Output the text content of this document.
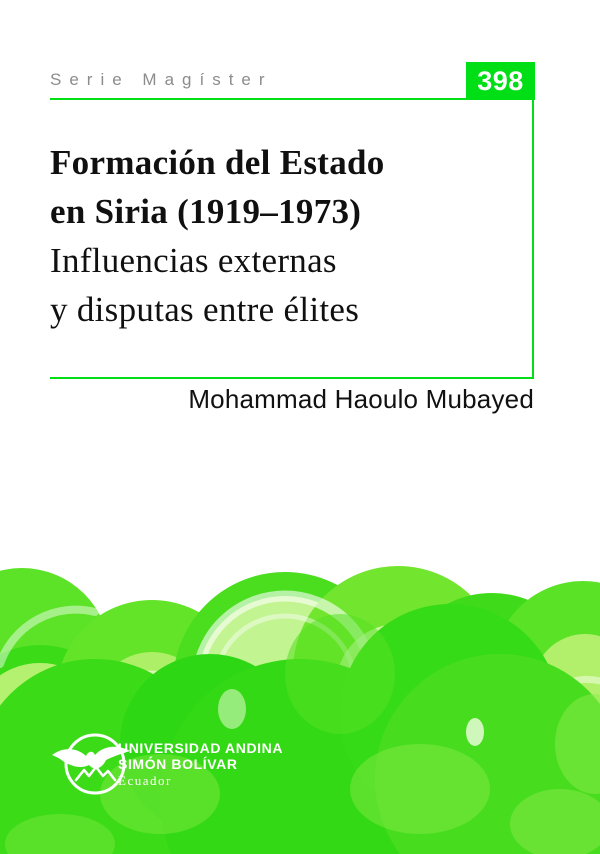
Serie Magíster	398
Formación del Estado
en Siria (1919–1973)
Influencias externas
y disputas entre élites
Mohammad Haoulo Mubayed
UNIVERSIDAD ANDINA
SIMÓN BOLÍVAR
Ecuador
